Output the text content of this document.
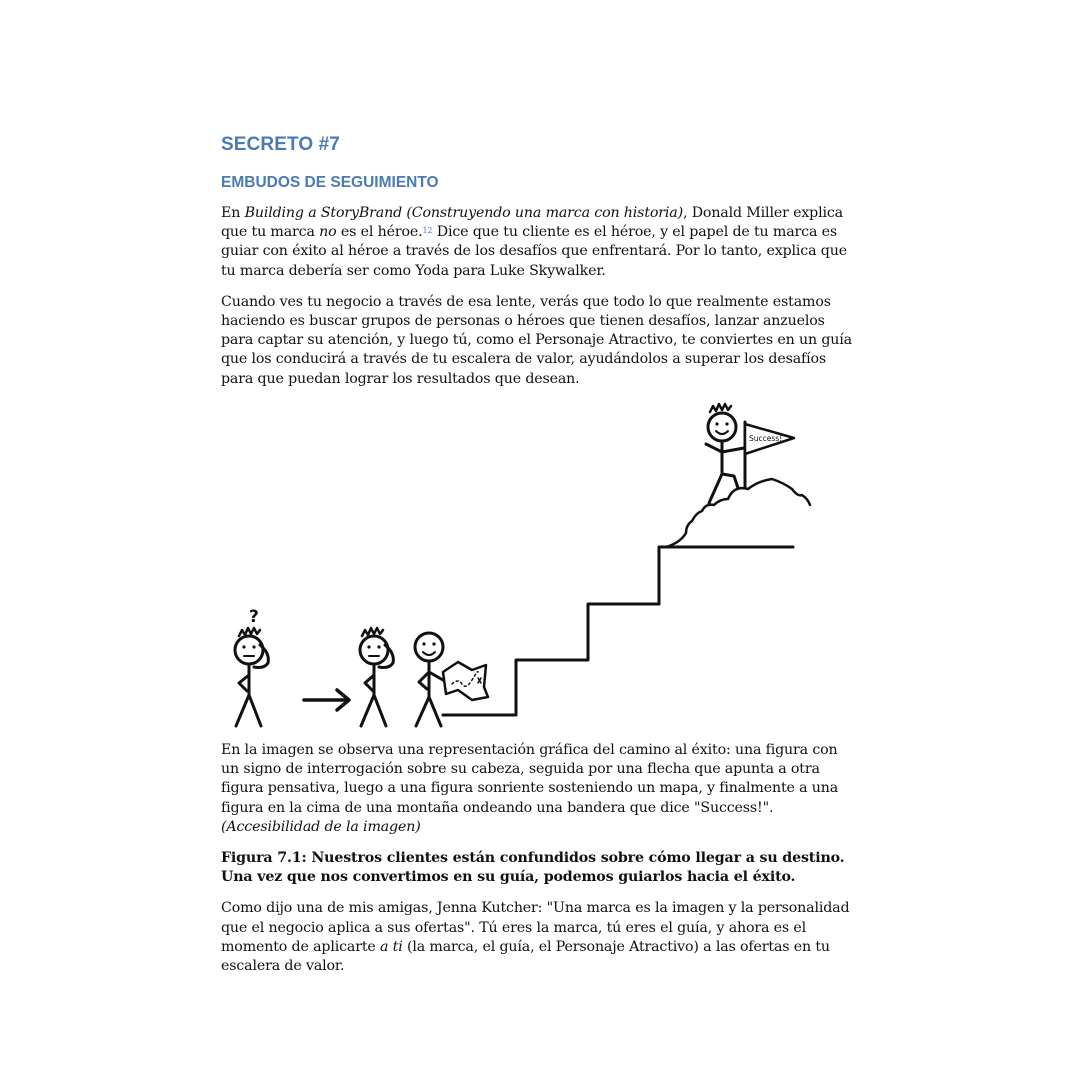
SECRETO #7
EMBUDOS DE SEGUIMIENTO

En Building a StoryBrand (Construyendo una marca con historia), Donald Miller explica que tu marca no es el héroe.$^{12}$ Dice que tu cliente es el héroe, y el papel de tu marca es guiar con éxito al héroe a través de los desafíos que enfrentará. Por lo tanto, explica que tu marca debería ser como Yoda para Luke Skywalker.

Cuando ves tu negocio a través de esa lente, verás que todo lo que realmente estamos haciendo es buscar grupos de personas o héroes que tienen desafíos, lanzar anzuelos para captar su atención, y luego tú, como el Personaje Atractivo, te conviertes en un guía que los conducirá a través de tu escalera de valor, ayudándolos a superar los desafíos para que puedan lograr los resultados que desean.

?
Success!

En la imagen se observa una representación gráfica del camino al éxito: una figura con un signo de interrogación sobre su cabeza, seguida por una flecha que apunta a otra figura pensativa, luego a una figura sonriente sosteniendo un mapa, y finalmente a una figura en la cima de una montaña ondeando una bandera que dice "Success!". (Accesibilidad de la imagen)

Figura 7.1: Nuestros clientes están confundidos sobre cómo llegar a su destino. Una vez que nos convertimos en su guía, podemos guiarlos hacia el éxito.

Como dijo una de mis amigas, Jenna Kutcher: "Una marca es la imagen y la personalidad que el negocio aplica a sus ofertas". Tú eres la marca, tú eres el guía, y ahora es el momento de aplicarte a ti (la marca, el guía, el Personaje Atractivo) a las ofertas en tu escalera de valor.
